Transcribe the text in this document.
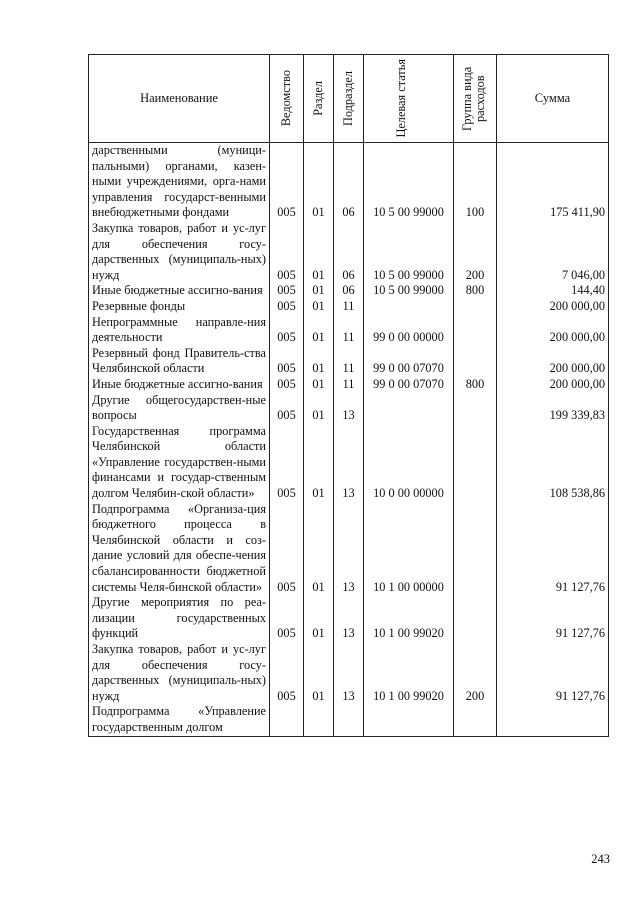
Наименование	Ведомство	Раздел	Подраздел	Целевая статья	Группа вида расходов	Сумма
дарственными (муници-пальными) органами, казен-ными учреждениями, орга-нами управления государст-венными внебюджетными фондами	005	01	06	10 5 00 99000	100	175 411,90
Закупка товаров, работ и ус-луг для обеспечения госу-дарственных (муниципаль-ных) нужд	005	01	06	10 5 00 99000	200	7 046,00
Иные бюджетные ассигно-вания	005	01	06	10 5 00 99000	800	144,40
Резервные фонды	005	01	11			200 000,00
Непрограммные направле-ния деятельности	005	01	11	99 0 00 00000		200 000,00
Резервный фонд Правитель-ства Челябинской области	005	01	11	99 0 00 07070		200 000,00
Иные бюджетные ассигно-вания	005	01	11	99 0 00 07070	800	200 000,00
Другие общегосударствен-ные вопросы	005	01	13			199 339,83
Государственная программа Челябинской области «Управление государствен-ными финансами и государ-ственным долгом Челябин-ской области»	005	01	13	10 0 00 00000		108 538,86
Подпрограмма «Организа-ция бюджетного процесса в Челябинской области и соз-дание условий для обеспе-чения сбалансированности бюджетной системы Челя-бинской области»	005	01	13	10 1 00 00000		91 127,76
Другие мероприятия по реа-лизации государственных функций	005	01	13	10 1 00 99020		91 127,76
Закупка товаров, работ и ус-луг для обеспечения госу-дарственных (муниципаль-ных) нужд	005	01	13	10 1 00 99020	200	91 127,76
Подпрограмма «Управление государственным долгом						
243
